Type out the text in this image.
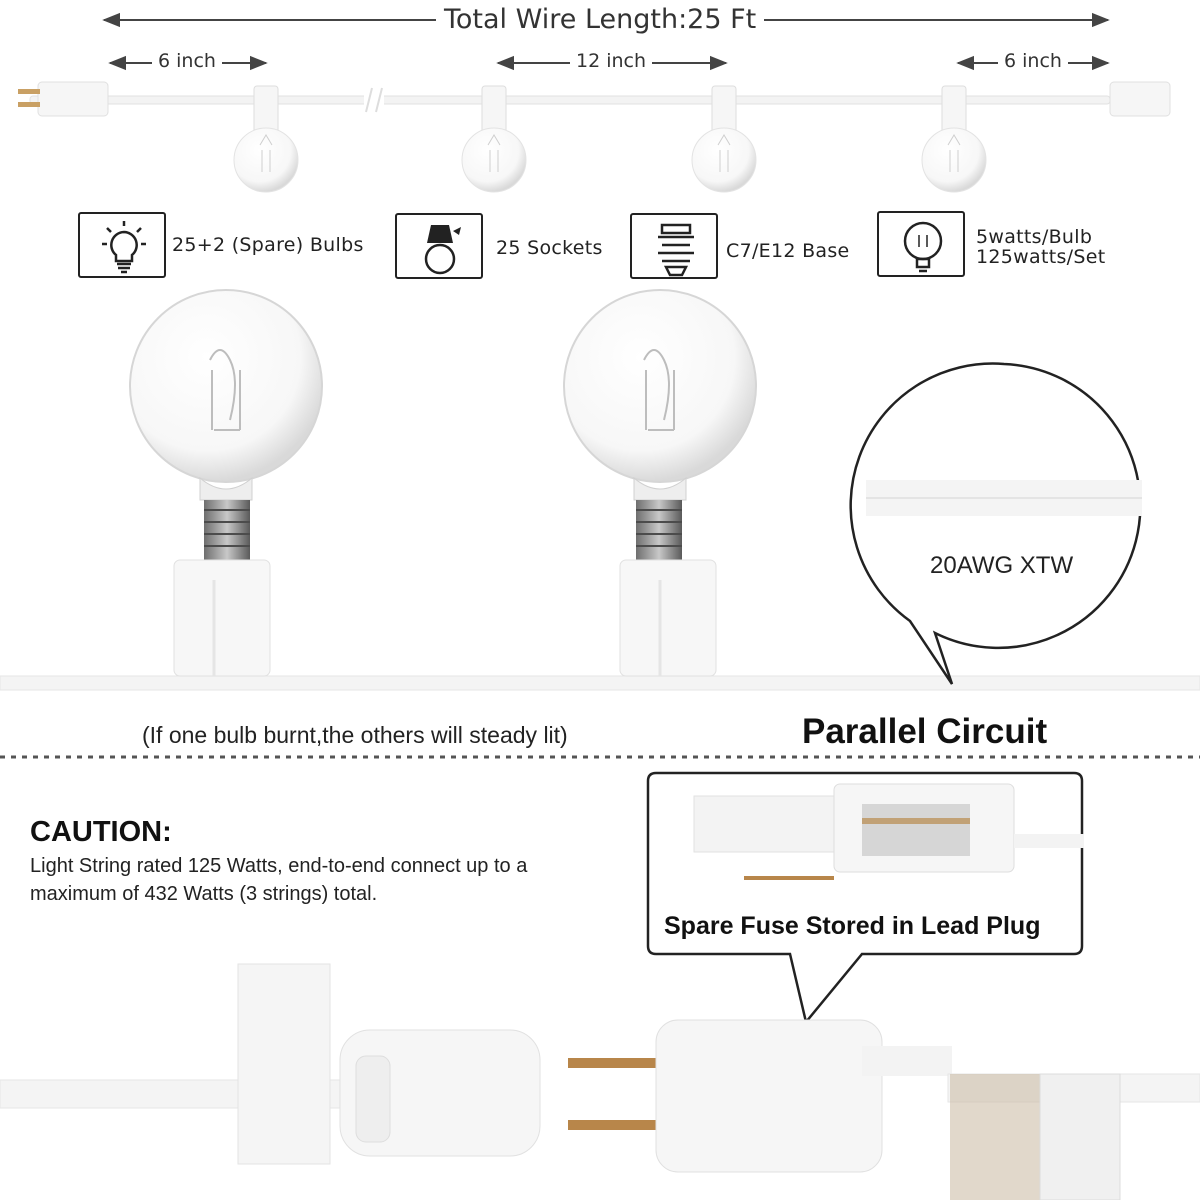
Total Wire Length:25 Ft
6 inch	12 inch	6 inch
25+2 (Spare) Bulbs	25 Sockets	C7/E12 Base
5watts/Bulb
125watts/Set
20AWG XTW
(If one bulb burnt,the others will steady lit)	Parallel Circuit
CAUTION:
Light String rated 125 Watts, end-to-end connect up to a maximum of 432 Watts (3 strings) total.
Spare Fuse Stored in Lead Plug
